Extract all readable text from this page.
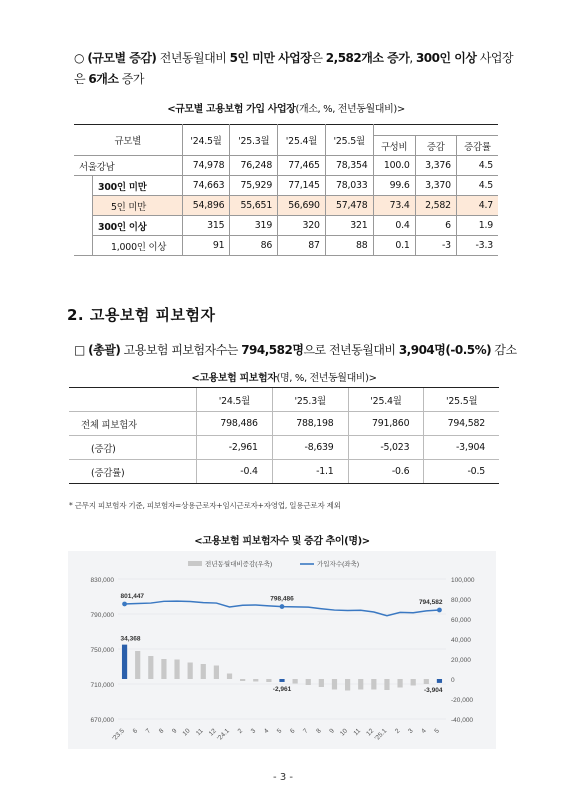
○ (규모별 증감) 전년동월대비 5인 미만 사업장은 2,582개소 증가, 300인 이상 사업장은 6개소 증가
<규모별 고용보험 가입 사업장(개소, %, 전년동월대비)>
규모별		'24.5월	'25.3월	'25.4월	'25.5월			
						구성비	증감	증감률
서울강남		74,978	76,248	77,465	78,354	100.0	3,376	4.5
	300인 미만	74,663	75,929	77,145	78,033	99.6	3,370	4.5
	5인 미만	54,896	55,651	56,690	57,478	73.4	2,582	4.7
	300인 이상	315	319	320	321	0.4	6	1.9
	1,000인 이상	91	86	87	88	0.1	-3	-3.3
2. 고용보험 피보험자
□ (총괄) 고용보험 피보험자수는 794,582명으로 전년동월대비 3,904명(-0.5%) 감소
<고용보험 피보험자(명, %, 전년동월대비)>
	'24.5월	'25.3월	'25.4월	'25.5월
전체 피보험자	798,486	788,198	791,860	794,582
(증감)	-2,961	-8,639	-5,023	-3,904
(증감률)	-0.4	-1.1	-0.6	-0.5
* 근무지 피보험자 기준, 피보험자=상용근로자+임시근로자+자영업, 일용근로자 제외
<고용보험 피보험자수 및 증감 추이(명)>
830,000
790,000
750,000
710,000
670,000
100,000
80,000
60,000
40,000
20,000
0
-20,000
-40,000
전년동월대비증감(우축)	가입자수(좌축)
801,447	798,486	794,582
34,368
-2,961	-3,904
'23.5 6 7 8 9 10 11 12
'24.1 2 3 4 5 6 7 8 9 10 11 12
'25.1 2 3 4 5
- 3 -
